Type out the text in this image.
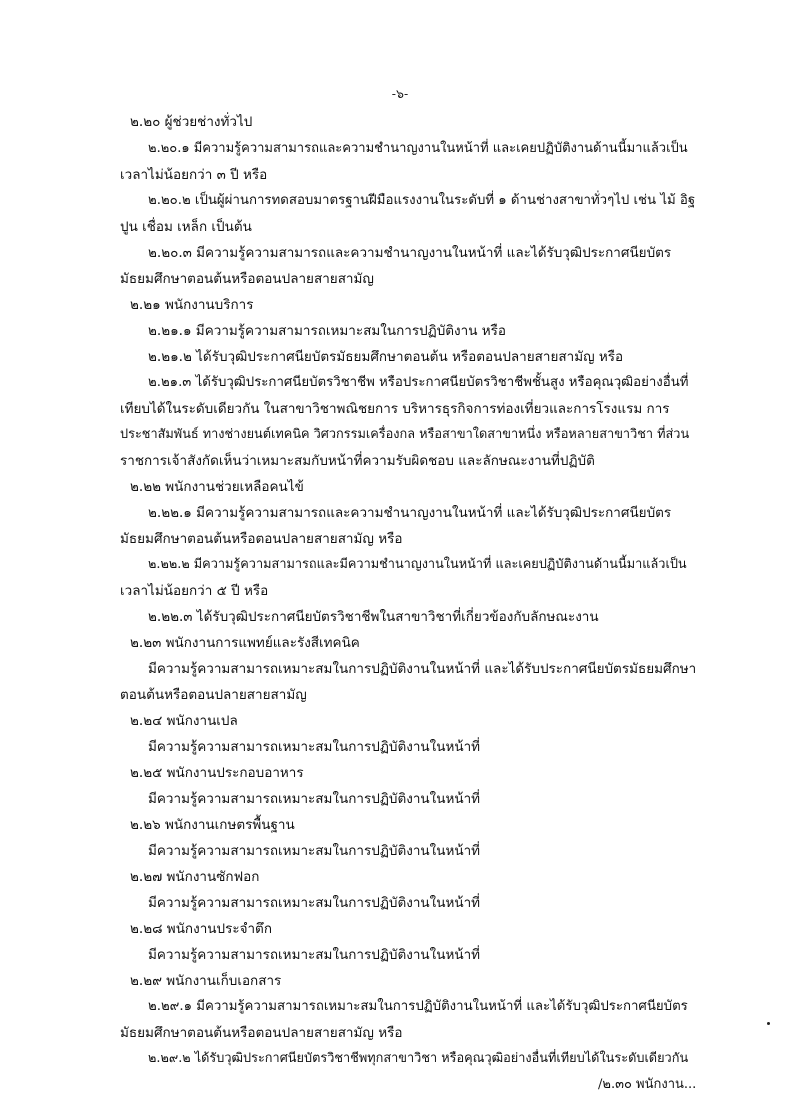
-๖-
๒.๒๐ ผู้ช่วยช่างทั่วไป
๒.๒๐.๑ มีความรู้ความสามารถและความชำนาญงานในหน้าที่ และเคยปฏิบัติงานด้านนี้มาแล้วเป็น
เวลาไม่น้อยกว่า ๓ ปี หรือ
๒.๒๐.๒ เป็นผู้ผ่านการทดสอบมาตรฐานฝีมือแรงงานในระดับที่ ๑ ด้านช่างสาขาทั่วๆไป เช่น ไม้ อิฐ
ปูน เชื่อม เหล็ก เป็นต้น
๒.๒๐.๓ มีความรู้ความสามารถและความชำนาญงานในหน้าที่ และได้รับวุฒิประกาศนียบัตร
มัธยมศึกษาตอนต้นหรือตอนปลายสายสามัญ
๒.๒๑ พนักงานบริการ
๒.๒๑.๑ มีความรู้ความสามารถเหมาะสมในการปฏิบัติงาน หรือ
๒.๒๑.๒ ได้รับวุฒิประกาศนียบัตรมัธยมศึกษาตอนต้น หรือตอนปลายสายสามัญ หรือ
๒.๒๑.๓ ได้รับวุฒิประกาศนียบัตรวิชาชีพ หรือประกาศนียบัตรวิชาชีพชั้นสูง หรือคุณวุฒิอย่างอื่นที่
เทียบได้ในระดับเดียวกัน ในสาขาวิชาพณิชยการ บริหารธุรกิจการท่องเที่ยวและการโรงแรม การ
ประชาสัมพันธ์ ทางช่างยนต์เทคนิค วิศวกรรมเครื่องกล หรือสาขาใดสาขาหนึ่ง หรือหลายสาขาวิชา ที่ส่วน
ราชการเจ้าสังกัดเห็นว่าเหมาะสมกับหน้าที่ความรับผิดชอบ และลักษณะงานที่ปฏิบัติ
๒.๒๒ พนักงานช่วยเหลือคนไข้
๒.๒๒.๑ มีความรู้ความสามารถและความชำนาญงานในหน้าที่ และได้รับวุฒิประกาศนียบัตร
มัธยมศึกษาตอนต้นหรือตอนปลายสายสามัญ หรือ
๒.๒๒.๒ มีความรู้ความสามารถและมีความชำนาญงานในหน้าที่ และเคยปฏิบัติงานด้านนี้มาแล้วเป็น
เวลาไม่น้อยกว่า ๕ ปี หรือ
๒.๒๒.๓ ได้รับวุฒิประกาศนียบัตรวิชาชีพในสาขาวิชาที่เกี่ยวข้องกับลักษณะงาน
๒.๒๓ พนักงานการแพทย์และรังสีเทคนิค
มีความรู้ความสามารถเหมาะสมในการปฏิบัติงานในหน้าที่ และได้รับประกาศนียบัตรมัธยมศึกษา
ตอนต้นหรือตอนปลายสายสามัญ
๒.๒๔ พนักงานเปล
มีความรู้ความสามารถเหมาะสมในการปฏิบัติงานในหน้าที่
๒.๒๕ พนักงานประกอบอาหาร
มีความรู้ความสามารถเหมาะสมในการปฏิบัติงานในหน้าที่
๒.๒๖ พนักงานเกษตรพื้นฐาน
มีความรู้ความสามารถเหมาะสมในการปฏิบัติงานในหน้าที่
๒.๒๗ พนักงานซักฟอก
มีความรู้ความสามารถเหมาะสมในการปฏิบัติงานในหน้าที่
๒.๒๘ พนักงานประจำตึก
มีความรู้ความสามารถเหมาะสมในการปฏิบัติงานในหน้าที่
๒.๒๙ พนักงานเก็บเอกสาร
๒.๒๙.๑ มีความรู้ความสามารถเหมาะสมในการปฏิบัติงานในหน้าที่ และได้รับวุฒิประกาศนียบัตร
มัธยมศึกษาตอนต้นหรือตอนปลายสายสามัญ หรือ
๒.๒๙.๒ ได้รับวุฒิประกาศนียบัตรวิชาชีพทุกสาขาวิชา หรือคุณวุฒิอย่างอื่นที่เทียบได้ในระดับเดียวกัน
/๒.๓๐ พนักงาน...
